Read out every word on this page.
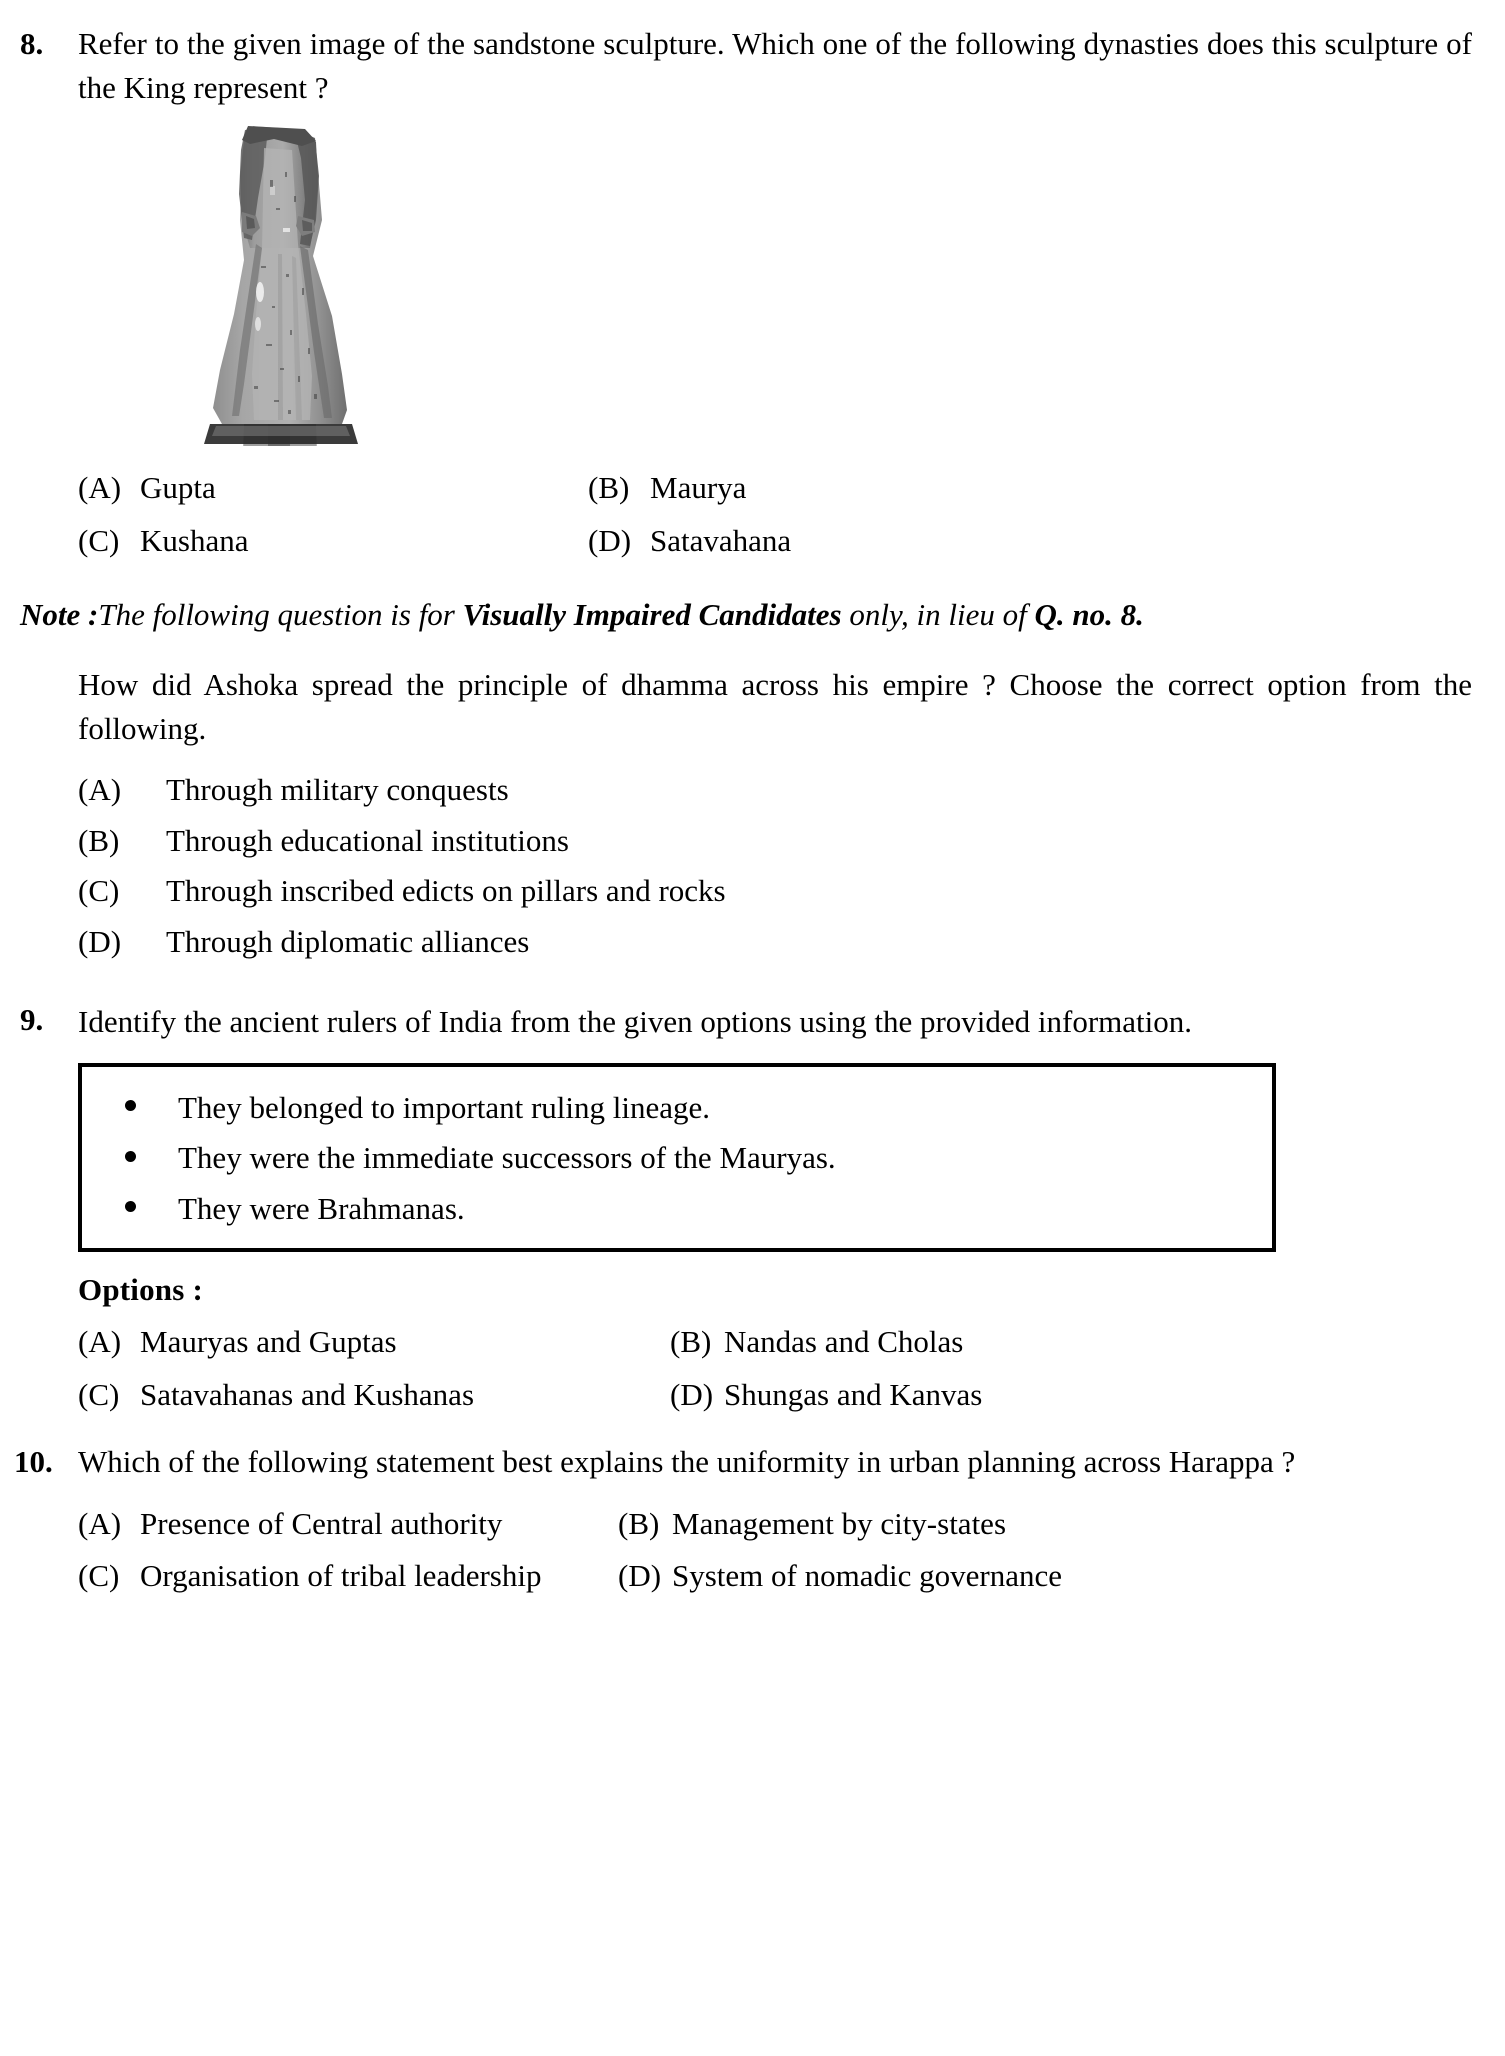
8.	Refer to the given image of the sandstone sculpture. Which one of the following dynasties does this sculpture of the King represent ?

(A) Gupta	(B) Maurya
(C) Kushana	(D) Satavahana
Note : The following question is for Visually Impaired Candidates only, in lieu of Q. no. 8.

How did Ashoka spread the principle of dhamma across his empire ? Choose the correct option from the following.

(A)	Through military conquests
(B)	Through educational institutions
(C)	Through inscribed edicts on pillars and rocks
(D)	Through diplomatic alliances
9.	Identify the ancient rulers of India from the given options using the provided information.

They belonged to important ruling lineage.
They were the immediate successors of the Mauryas.
They were Brahmanas.
Options :
(A) Mauryas and Guptas	(B) Nandas and Cholas
(C) Satavahanas and Kushanas	(D) Shungas and Kanvas
10. Which of the following statement best explains the uniformity in urban planning across Harappa ?

(A) Presence of Central authority	(B) Management by city-states
(C) Organisation of tribal leadership (D) System of nomadic governance
